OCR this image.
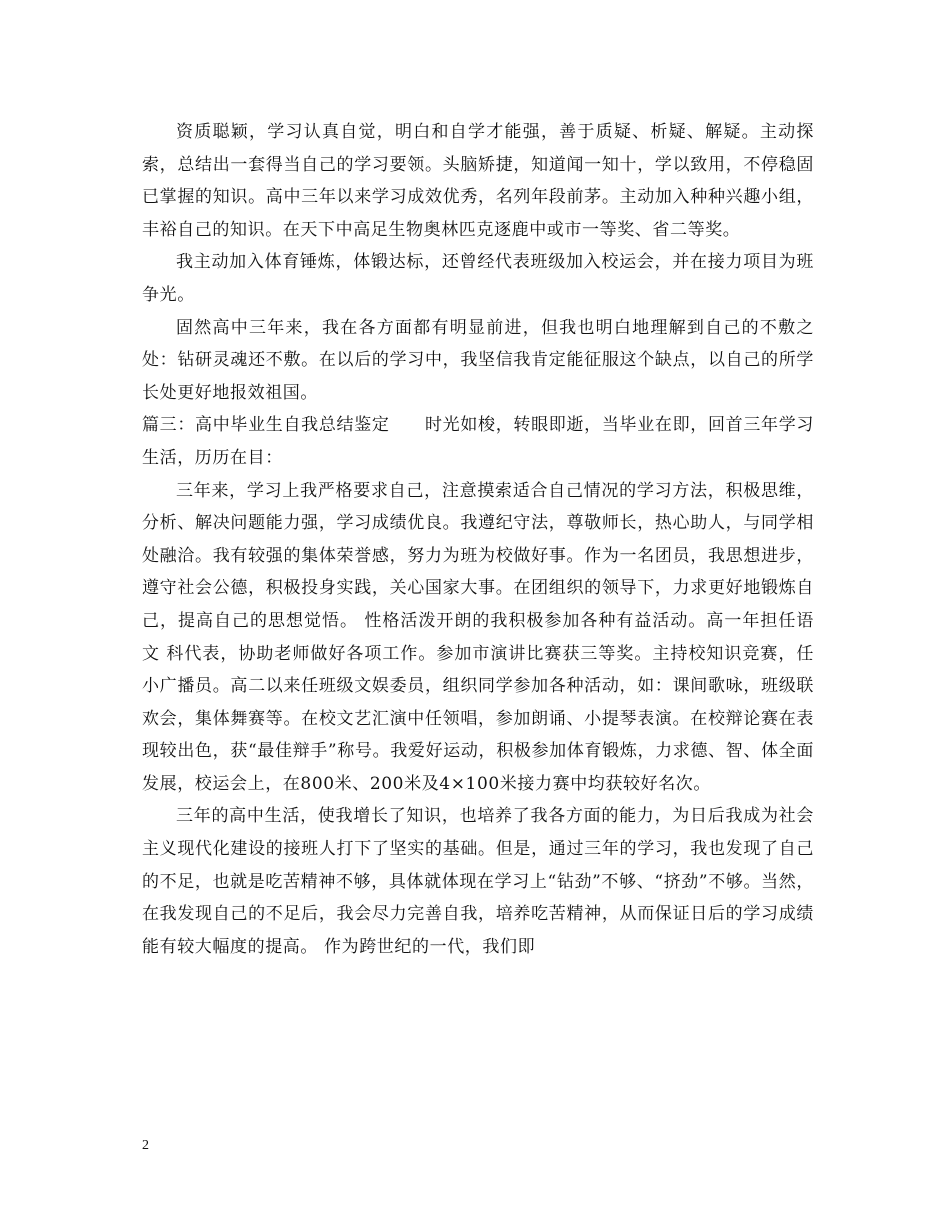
资质聪颖，学习认真自觉，明白和自学才能强，善于质疑、析疑、解疑。主动探索，总结出一套得当自己的学习要领。头脑矫捷，知道闻一知十，学以致用，不停稳固已掌握的知识。高中三年以来学习成效优秀，名列年段前茅。主动加入种种兴趣小组，丰裕自己的知识。在天下中高足生物奥林匹克逐鹿中或市一等奖、省二等奖。

我主动加入体育锤炼，体锻达标，还曾经代表班级加入校运会，并在接力项目为班争光。

固然高中三年来，我在各方面都有明显前进，但我也明白地理解到自己的不敷之处：钻研灵魂还不敷。在以后的学习中，我坚信我肯定能征服这个缺点，以自己的所学长处更好地报效祖国。

篇三：高中毕业生自我总结鉴定　　时光如梭，转眼即逝，当毕业在即，回首三年学习生活，历历在目：

三年来，学习上我严格要求自己，注意摸索适合自己情况的学习方法，积极思维，分析、解决问题能力强，学习成绩优良。我遵纪守法，尊敬师长，热心助人，与同学相处融洽。我有较强的集体荣誉感，努力为班为校做好事。作为一名团员，我思想进步，遵守社会公德，积极投身实践，关心国家大事。在团组织的领导下，力求更好地锻炼自己，提高自己的思想觉悟。 性格活泼开朗的我积极参加各种有益活动。高一年担任语文 科代表，协助老师做好各项工作。参加市演讲比赛获三等奖。主持校知识竞赛，任小广播员。高二以来任班级文娱委员，组织同学参加各种活动，如：课间歌咏，班级联欢会，集体舞赛等。在校文艺汇演中任领唱，参加朗诵、小提琴表演。在校辩论赛在表现较出色，获“最佳辩手”称号。我爱好运动，积极参加体育锻炼，力求德、智、体全面发展，校运会上，在800米、200米及4×100米接力赛中均获较好名次。

三年的高中生活，使我增长了知识，也培养了我各方面的能力，为日后我成为社会主义现代化建设的接班人打下了坚实的基础。但是，通过三年的学习，我也发现了自己的不足，也就是吃苦精神不够，具体就体现在学习上“钻劲”不够、“挤劲”不够。当然，在我发现自己的不足后，我会尽力完善自我，培养吃苦精神，从而保证日后的学习成绩能有较大幅度的提高。 作为跨世纪的一代，我们即

2
